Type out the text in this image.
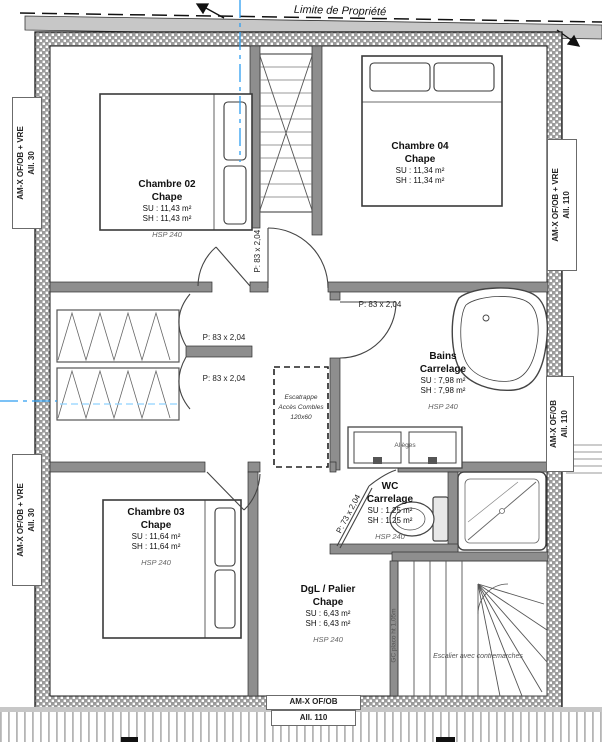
Limite de Propriété
Chambre 02
Chape
SU : 11,43 m²
SH : 11,43 m²
HSP 240
Chambre 04
Chape
SU : 11,34 m²
SH : 11,34 m²
Bains
Carrelage
SU : 7,98 m²
SH : 7,98 m²
HSP 240
WC
Carrelage
SU : 1,25 m²
SH : 1,25 m²
HSP 240
Chambre 03
Chape
SU : 11,64 m²
SH : 11,64 m²
HSP 240
DgL / Palier
Chape
SU : 6,43 m²
SH : 6,43 m²
HSP 240
AM-X OF/OB + VRE All. 30
AM-X OF/OB + VRE All. 110
AM-X OF/OB All. 110
AM-X OF/OB + VRE All. 30
AM-X OF/OB
All. 110
P: 83 x 2,04
P: 83 x 2,04
P: 83 x 2,04
P: 83 x 2,04
P: 73 x 2,04
Escatrappe
Accès Combles
120x60
Escalier avec contremarches
GC placo ht 1,05m
Allèges
